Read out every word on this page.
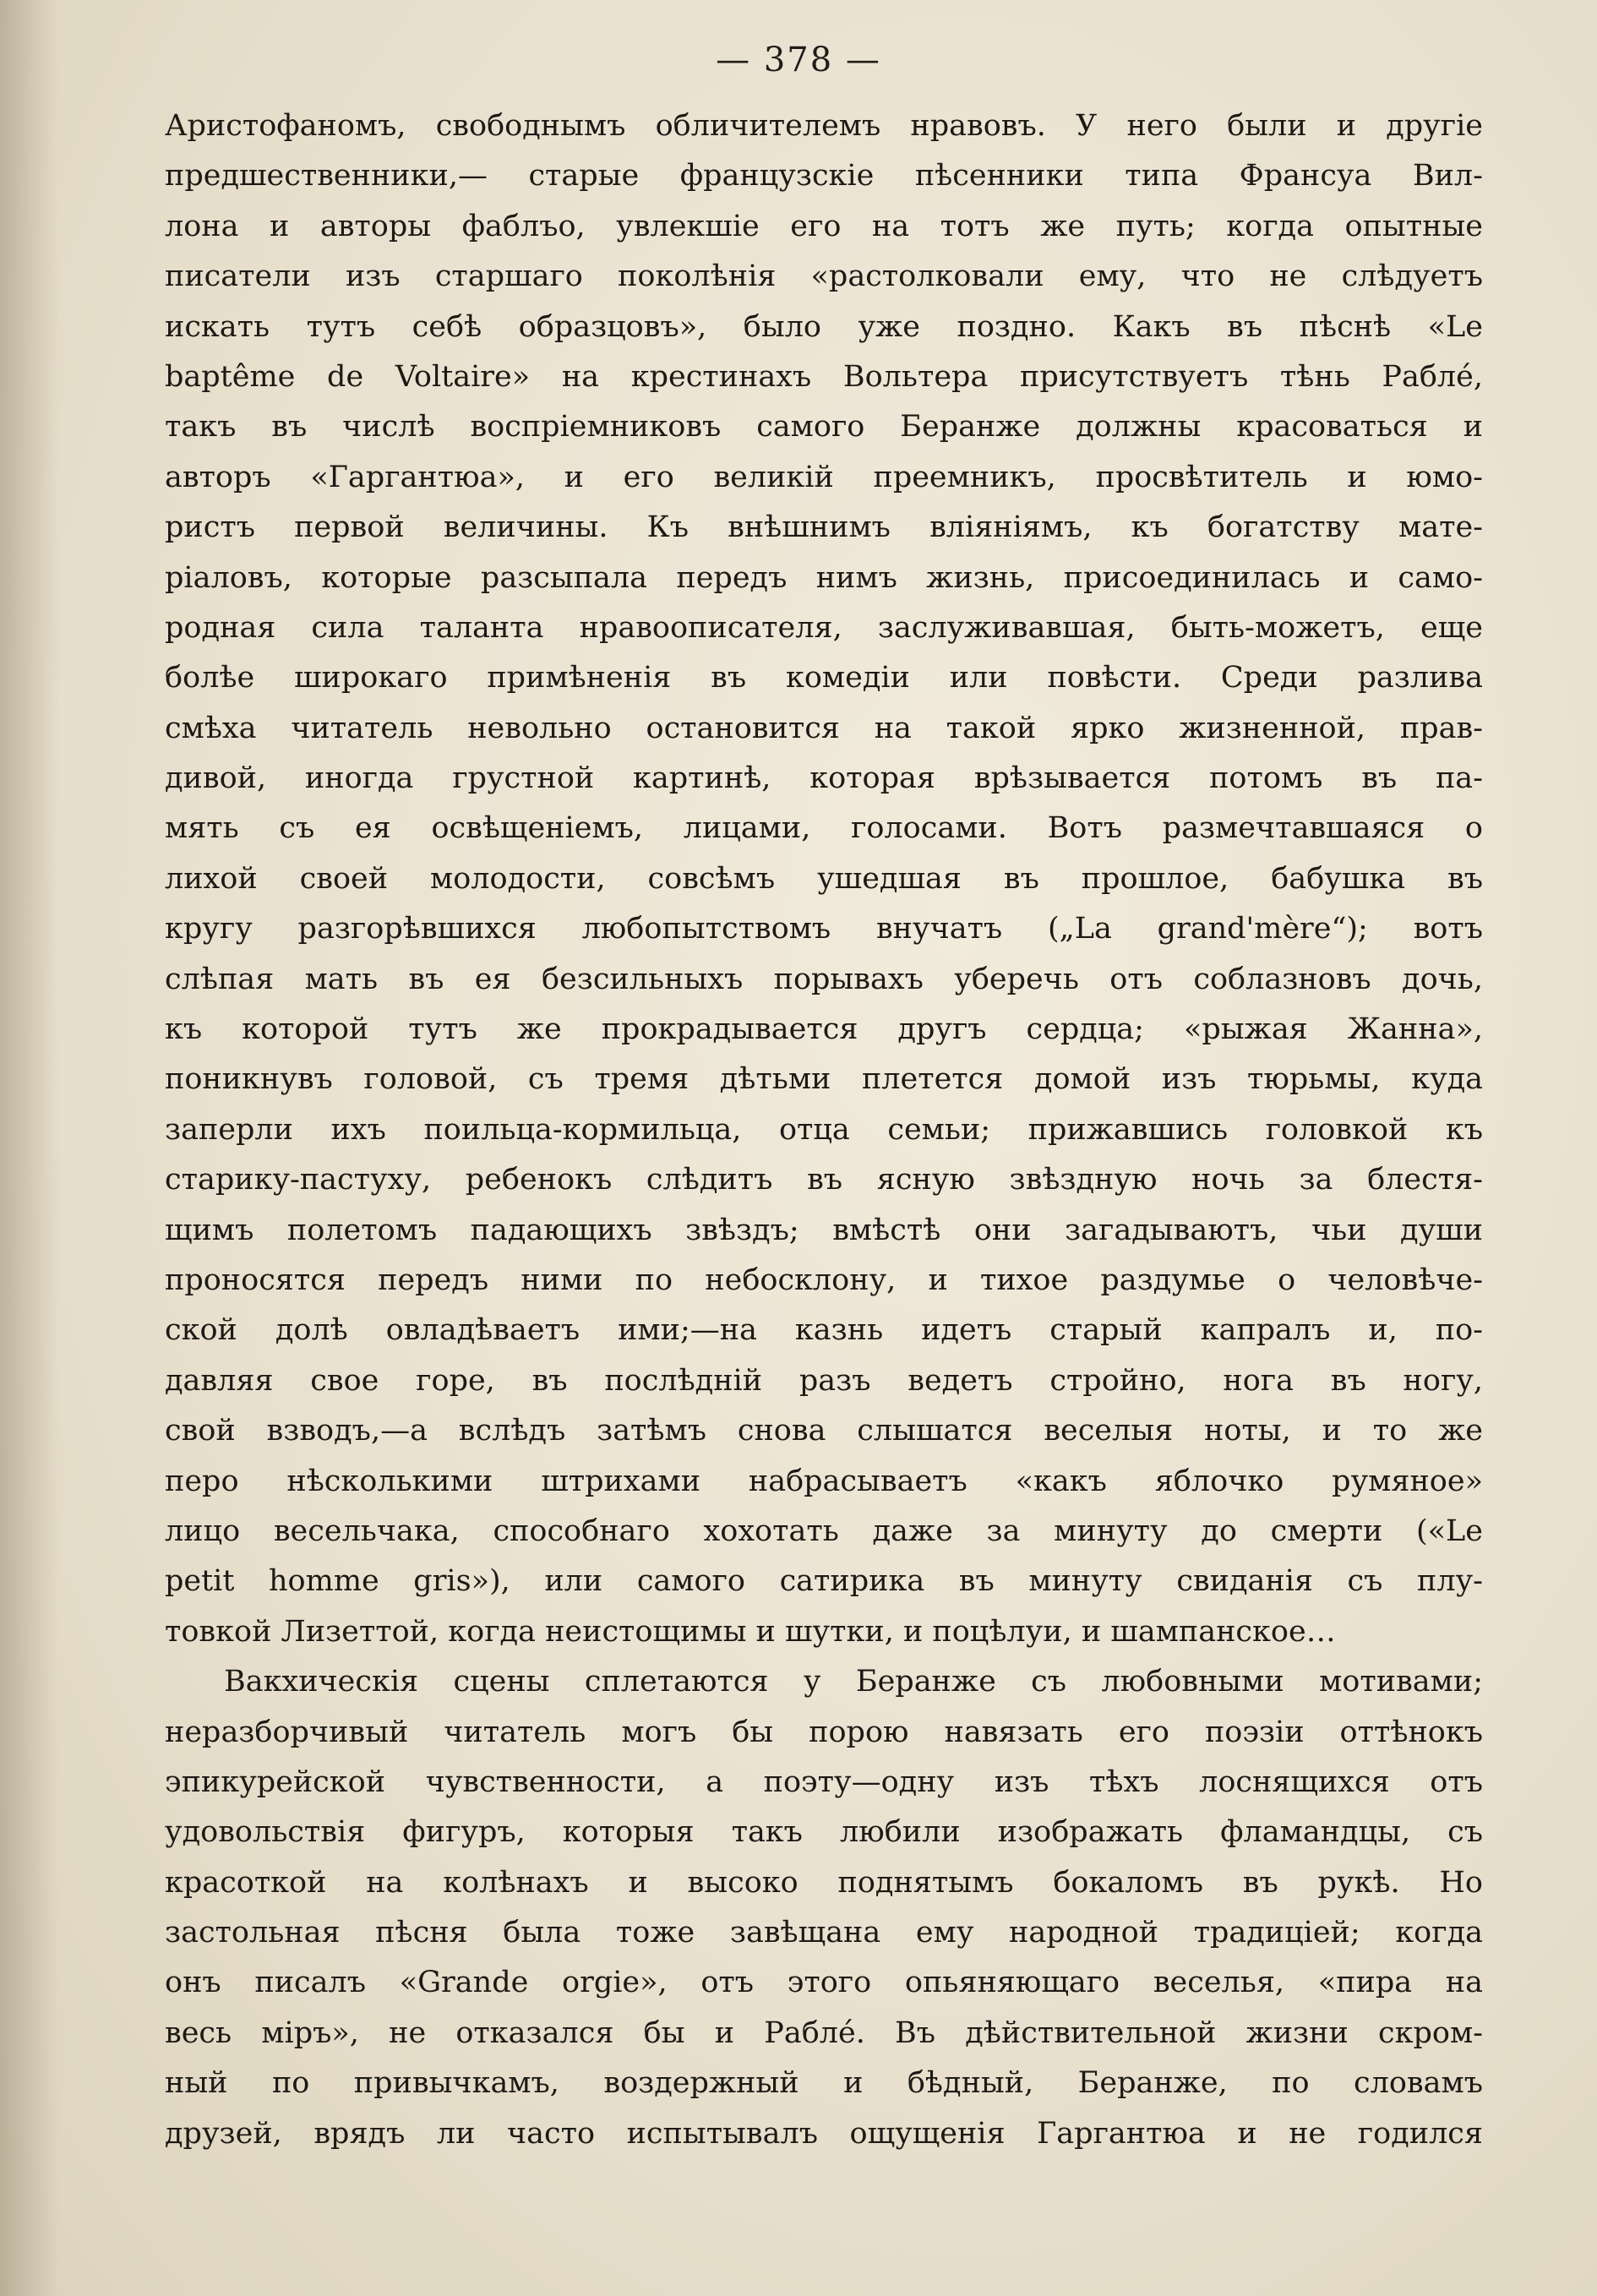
— 378 —
Аристофаномъ, свободнымъ обличителемъ нравовъ. У него были и другіе
предшественники,— старые французскіе пѣсенники типа Франсуа Вил-
лона и авторы фаблъо, увлекшіе его на тотъ же путь; когда опытные
писатели изъ старшаго поколѣнія «растолковали ему, что не слѣдуетъ
искать тутъ себѣ образцовъ», было уже поздно. Какъ въ пѣснѣ «Le
baptême de Voltaire» на крестинахъ Вольтера присутствуетъ тѣнь Раблé,
такъ въ числѣ воспріемниковъ самого Беранже должны красоваться и
авторъ «Гаргантюа», и его великій преемникъ, просвѣтитель и юмо-
ристъ первой величины. Къ внѣшнимъ вліяніямъ, къ богатству мате-
ріаловъ, которые разсыпала передъ нимъ жизнь, присоединилась и само-
родная сила таланта нравоописателя, заслуживавшая, быть-можетъ, еще
болѣе широкаго примѣненія въ комедіи или повѣсти. Среди разлива
смѣха читатель невольно остановится на такой ярко жизненной, прав-
дивой, иногда грустной картинѣ, которая врѣзывается потомъ въ па-
мять съ ея освѣщеніемъ, лицами, голосами. Вотъ размечтавшаяся о
лихой своей молодости, совсѣмъ ушедшая въ прошлое, бабушка въ
кругу разгорѣвшихся любопытствомъ внучатъ („La grand'mère“); вотъ
слѣпая мать въ ея безсильныхъ порывахъ уберечь отъ соблазновъ дочь,
къ которой тутъ же прокрадывается другъ сердца; «рыжая Жанна»,
поникнувъ головой, съ тремя дѣтьми плетется домой изъ тюрьмы, куда
заперли ихъ поильца-кормильца, отца семьи; прижавшись головкой къ
старику-пастуху, ребенокъ слѣдитъ въ ясную звѣздную ночь за блестя-
щимъ полетомъ падающихъ звѣздъ; вмѣстѣ они загадываютъ, чьи души
проносятся передъ ними по небосклону, и тихое раздумье о человѣче-
ской долѣ овладѣваетъ ими;—на казнь идетъ старый капралъ и, по-
давляя свое горе, въ послѣдній разъ ведетъ стройно, нога въ ногу,
свой взводъ,—а вслѣдъ затѣмъ снова слышатся веселыя ноты, и то же
перо нѣсколькими штрихами набрасываетъ «какъ яблочко румяное»
лицо весельчака, способнаго хохотать даже за минуту до смерти («Le
petit homme gris»), или самого сатирика въ минуту свиданія съ плу-
товкой Лизеттой, когда неистощимы и шутки, и поцѣлуи, и шампанское…
Вакхическія сцены сплетаются у Беранже съ любовными мотивами;
неразборчивый читатель могъ бы порою навязать его поэзіи оттѣнокъ
эпикурейской чувственности, а поэту—одну изъ тѣхъ лоснящихся отъ
удовольствія фигуръ, которыя такъ любили изображать фламандцы, съ
красоткой на колѣнахъ и высоко поднятымъ бокаломъ въ рукѣ. Но
застольная пѣсня была тоже завѣщана ему народной традиціей; когда
онъ писалъ «Grande orgie», отъ этого опьяняющаго веселья, «пира на
весь міръ», не отказался бы и Раблé. Въ дѣйствительной жизни скром-
ный по привычкамъ, воздержный и бѣдный, Беранже, по словамъ
друзей, врядъ ли часто испытывалъ ощущенія Гаргантюа и не годился
